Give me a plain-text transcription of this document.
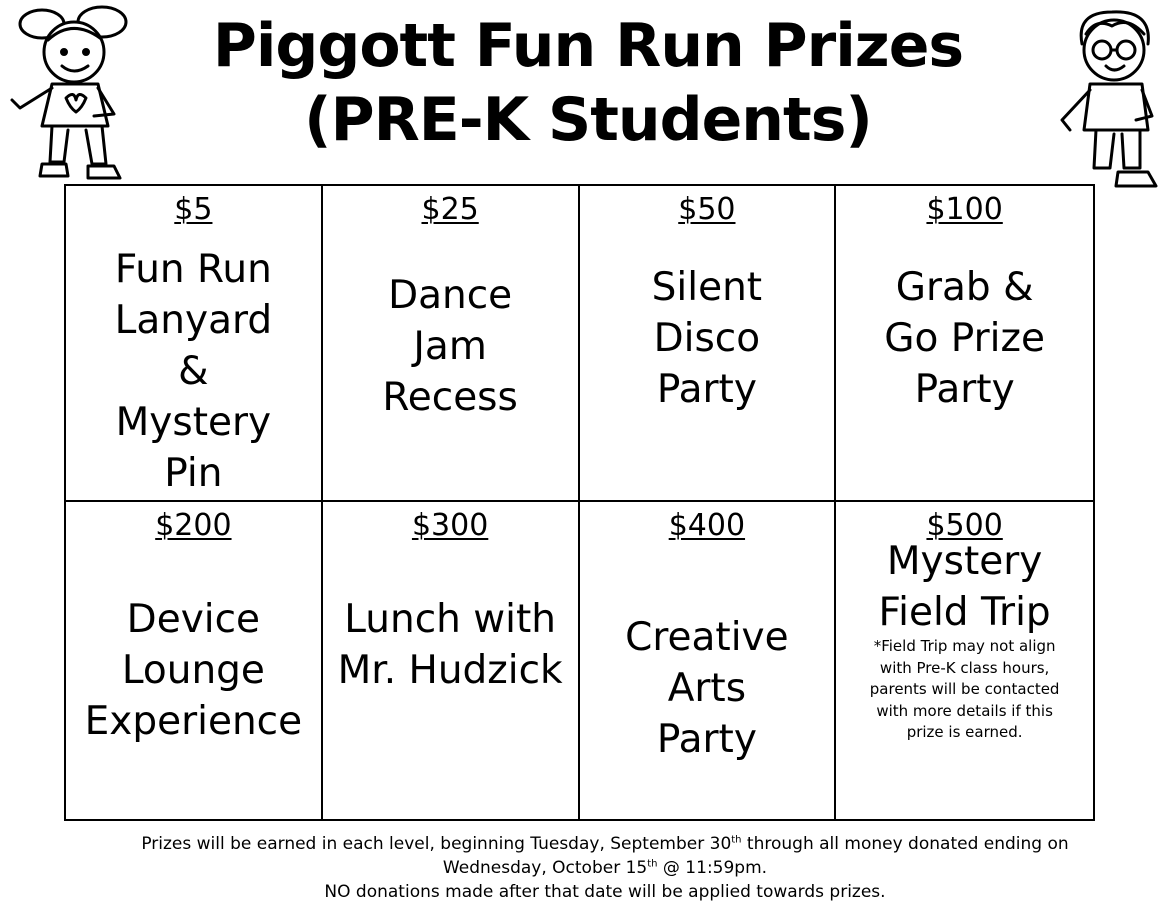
Piggott Fun Run Prizes
(PRE-K Students)
$5
Fun Run
Lanyard
&
Mystery
Pin
$25
Dance
Jam
Recess
$50
Silent
Disco
Party
$100
Grab &
Go Prize
Party
$200
Device
Lounge
Experience
$300
Lunch with
Mr. Hudzick
$400
Creative
Arts
Party
$500
Mystery
Field Trip
*Field Trip may not align with Pre-K class hours, parents will be contacted with more details if this prize is earned.
Prizes will be earned in each level, beginning Tuesday, September 30th through all money donated ending on Wednesday, October 15th @ 11:59pm.
NO donations made after that date will be applied towards prizes.
